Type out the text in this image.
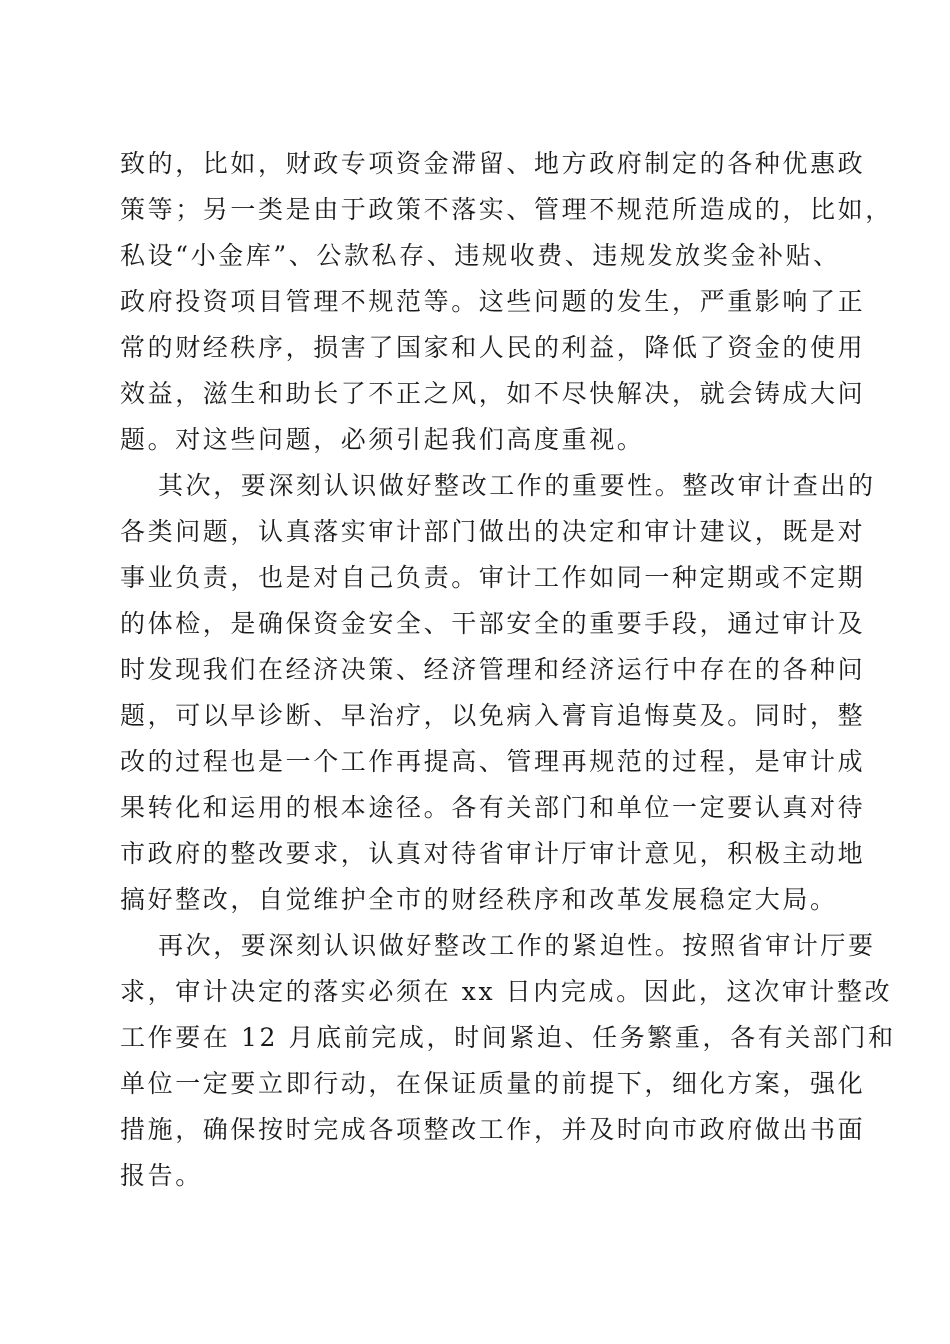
致的，比如，财政专项资金滞留、地方政府制定的各种优惠政
策等；另一类是由于政策不落实、管理不规范所造成的，比如，
私设“小金库”、公款私存、违规收费、违规发放奖金补贴、
政府投资项目管理不规范等。这些问题的发生，严重影响了正
常的财经秩序，损害了国家和人民的利益，降低了资金的使用
效益，滋生和助长了不正之风，如不尽快解决，就会铸成大问
题。对这些问题，必须引起我们高度重视。
其次，要深刻认识做好整改工作的重要性。整改审计查出的
各类问题，认真落实审计部门做出的决定和审计建议，既是对
事业负责，也是对自己负责。审计工作如同一种定期或不定期
的体检，是确保资金安全、干部安全的重要手段，通过审计及
时发现我们在经济决策、经济管理和经济运行中存在的各种问
题，可以早诊断、早治疗，以免病入膏肓追悔莫及。同时，整
改的过程也是一个工作再提高、管理再规范的过程，是审计成
果转化和运用的根本途径。各有关部门和单位一定要认真对待
市政府的整改要求，认真对待省审计厅审计意见，积极主动地
搞好整改，自觉维护全市的财经秩序和改革发展稳定大局。
再次，要深刻认识做好整改工作的紧迫性。按照省审计厅要
求，审计决定的落实必须在 xx 日内完成。因此，这次审计整改
工作要在 12 月底前完成，时间紧迫、任务繁重，各有关部门和
单位一定要立即行动，在保证质量的前提下，细化方案，强化
措施，确保按时完成各项整改工作，并及时向市政府做出书面
报告。
